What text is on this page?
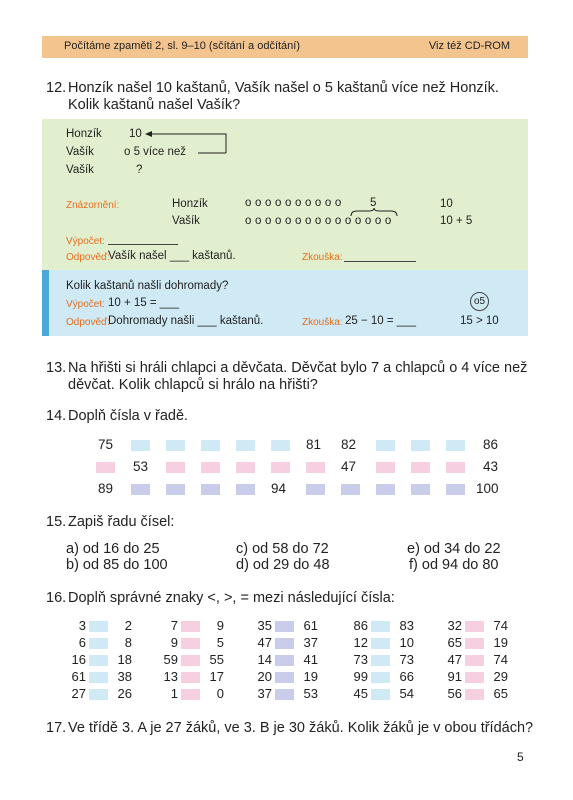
Počítáme zpaměti 2, sl. 9–10 (sčítání a odčítání)	Viz též CD-ROM
12. Honzík našel 10 kaštanů, Vašík našel o 5 kaštanů více než Honzík.
Kolik kaštanů našel Vašík?
Honzík 10
Vašík	o 5 více než
Vašík	?
Znázornění:	Honzík	o o o o o o o o o o 5	10
Vašík	o o o o o o o o o o o o o o o	10 + 5
Výpočet:
Odpověď:
Vašík našel ___ kaštanů.	Zkouška:
Kolik kaštanů našli dohromady?
Výpočet: 10 + 15 = ___
Odpověď:
Dohromady našli ___ kaštanů.	Zkouška: 25 − 10 = ___
o5
15 > 10
13. Na hřišti si hráli chlapci a děvčata. Děvčat bylo 7 a chlapců o 4 více než
děvčat. Kolik chlapců si hrálo na hřišti?
14. Doplň čísla v řadě.
75	81 82	86
53	47	43
89	94	100
15. Zapiš řadu čísel:
a) od 16 do 25
b) od 85 do 100
c) od 58 do 72
d) od 29 do 48
e) od 34 do 22
f) od 94 do 80
16. Doplň správné znaky <, >, = mezi následující čísla:
3	2	7	9	35	61	86	83	32	74
6	8	9	5	47	37	12	10	65	19
16	18	59	55	14	41	73	73	47	74
61	38	13	17	20	19	99	66	91	29
27	26	1	0	37	53	45	54	56	65
17. Ve třídě 3. A je 27 žáků, ve 3. B je 30 žáků. Kolik žáků je v obou třídách?
5
